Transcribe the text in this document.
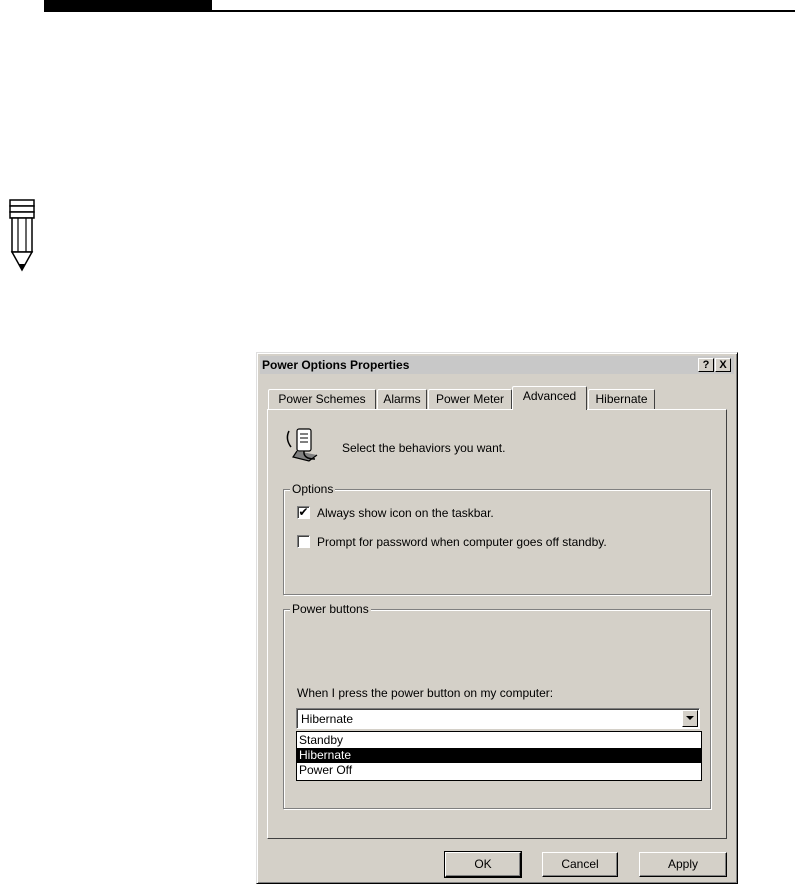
Power Options Properties	? X
Power Schemes	Alarms	Power Meter	Advanced	Hibernate
Select the behaviors you want.
Options
✔ Always show icon on the taskbar.
Prompt for password when computer goes off standby.
Power buttons
When I press the power button on my computer:
Hibernate
Standby
Hibernate
Power Off
OK	Cancel	Apply
